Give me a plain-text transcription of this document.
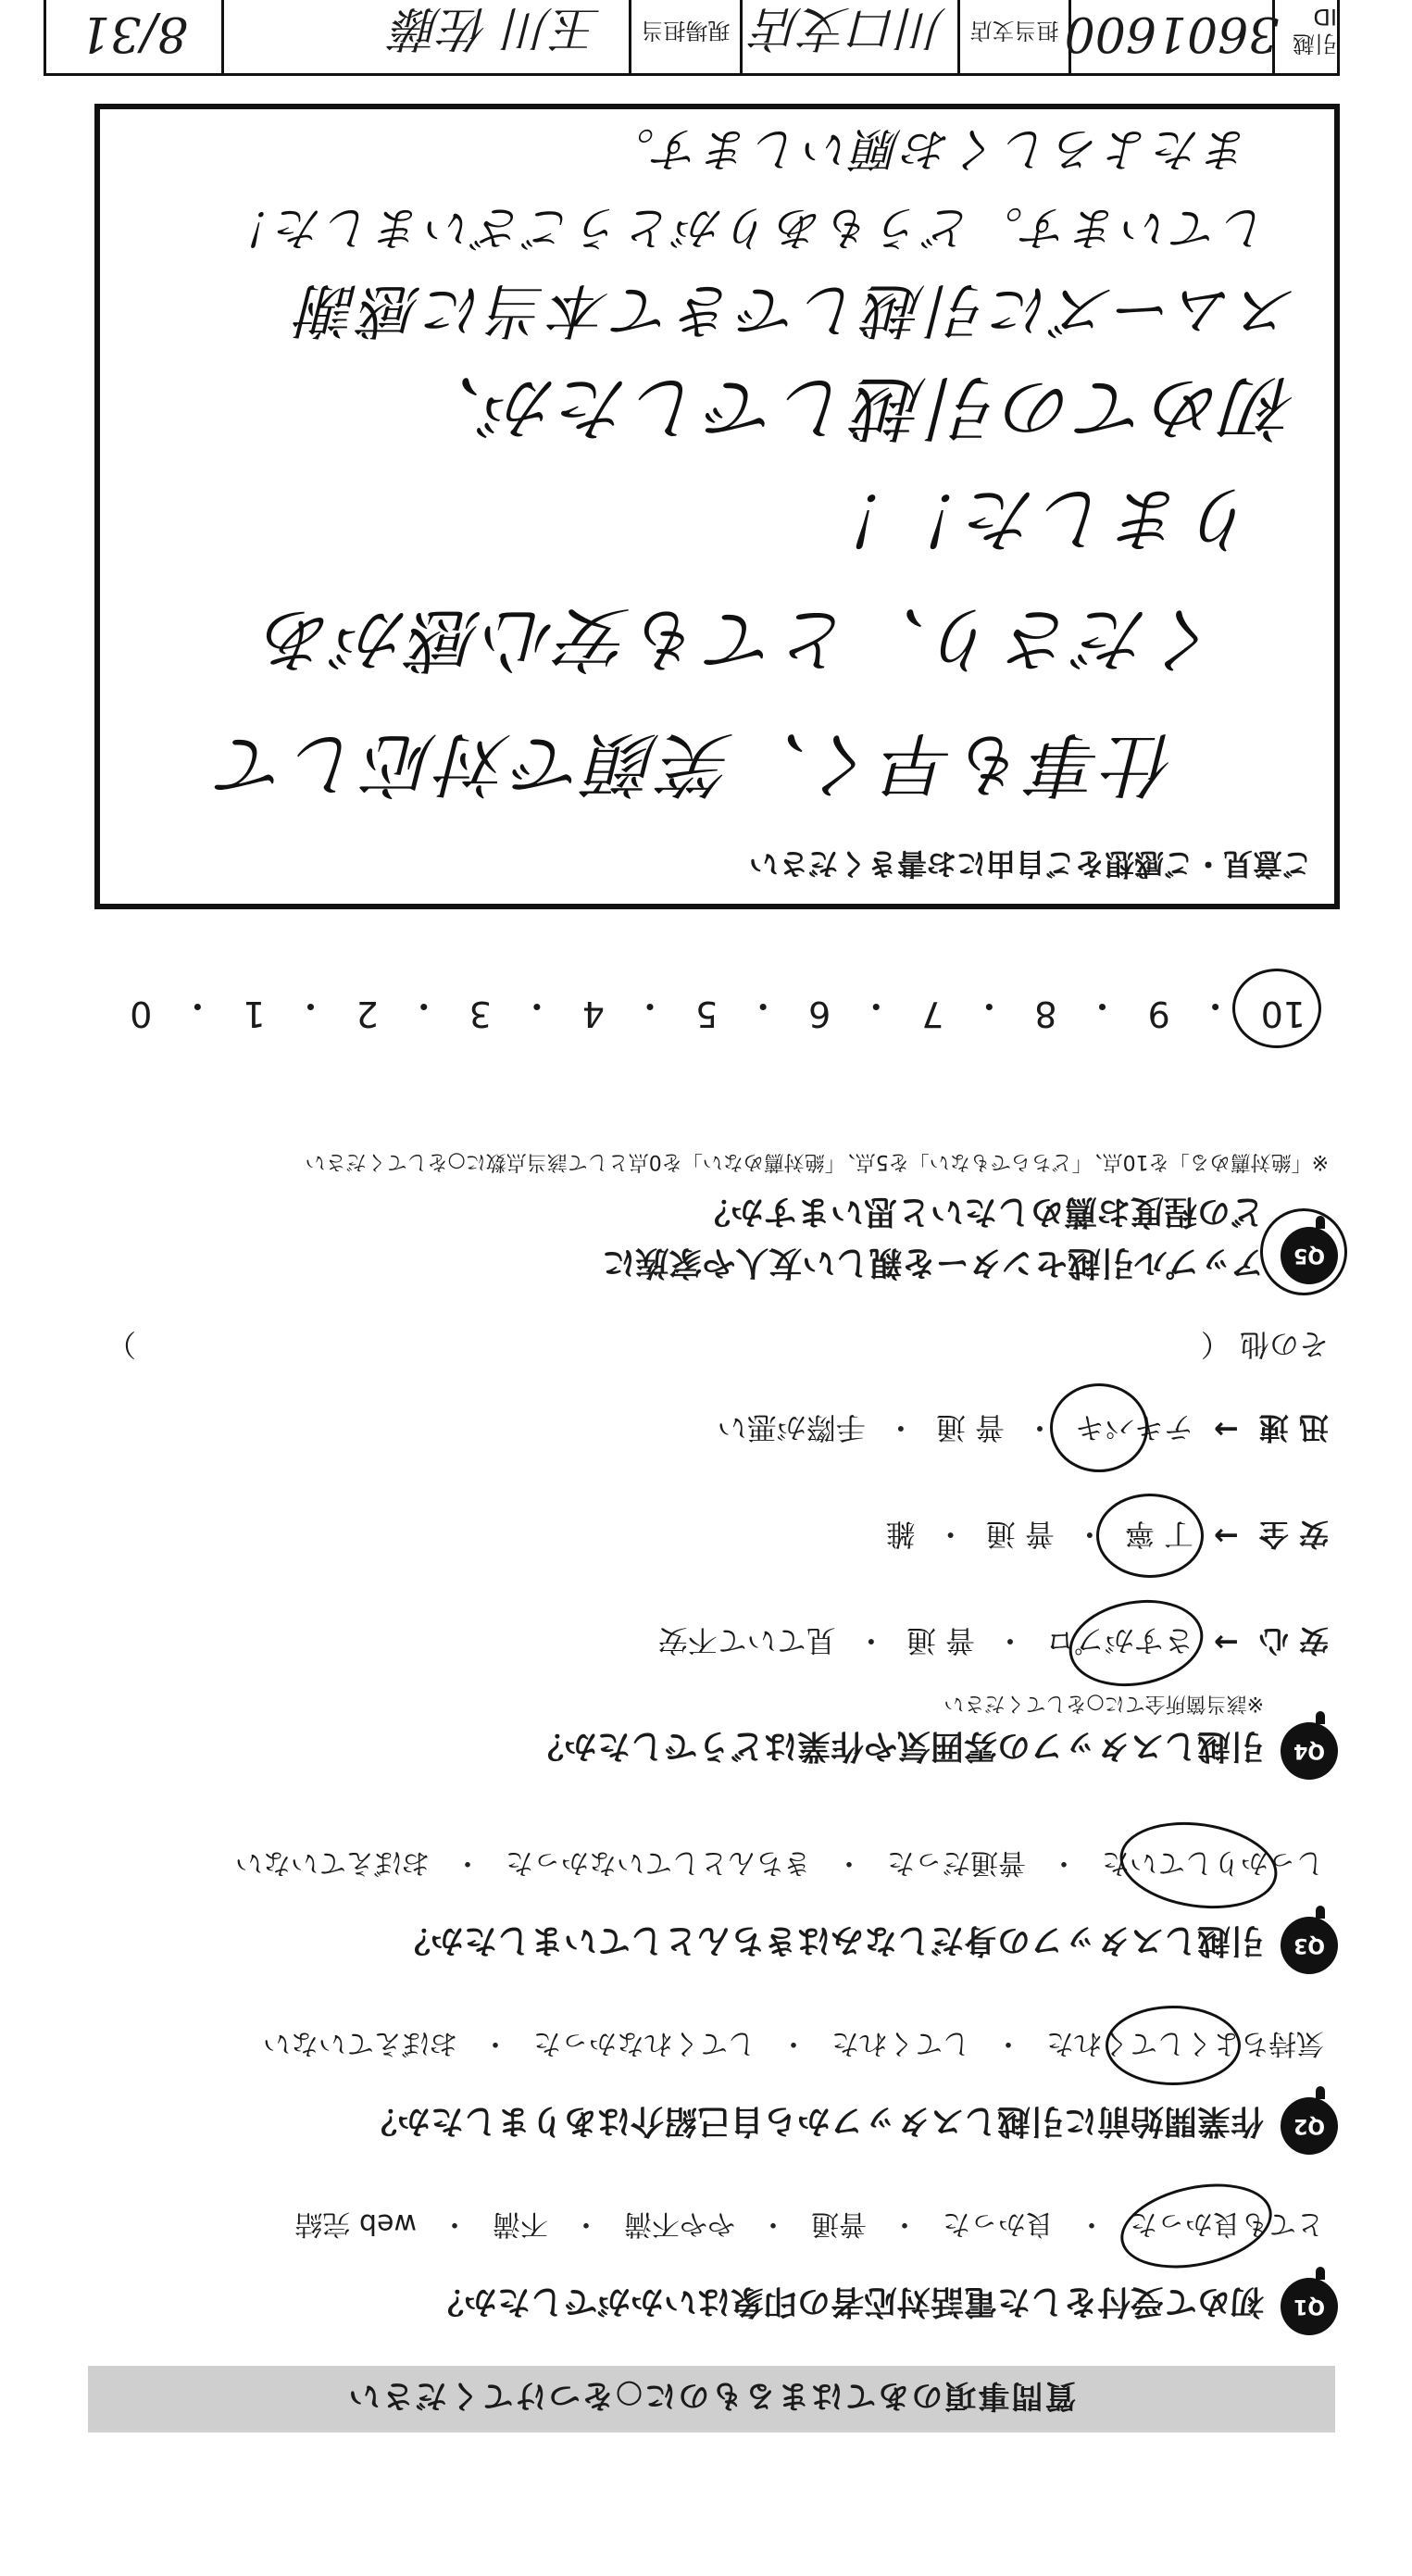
質問事項のあてはまるものに○をつけてください
Q1
初めて受付をした電話対応者の印象はいかがでしたか？
とても良かった
・
良かった
・
普通
・
やや不満
・
不満
・
web 完結
Q2
作業開始前に引越しスタッフから自己紹介はありましたか？
気持ちよくしてくれた
・
してくれた
・
してくれなかった
・
おぼえていない
Q3
引越しスタッフの身だしなみはきちんとしていましたか？
しっかりしていた
・
普通だった
・
きちんとしていなかった
・
おぼえていない
Q4
引越しスタッフの雰囲気や作業はどうでしたか？
※該当箇所全てに○をしてください
安 心
→
さすがプロ
・
普 通
・
見ていて不安
安 全
→
丁 寧
・
普 通
・
雑
迅 速
→
テキパキ
・
普 通
・
手際が悪い
その他 （
）
Q5
アップル引越センターを親しい友人や家族に
どの程度お薦めしたいと思いますか？
※「絶対薦める」を10点、「どちらでもない」を5点、「絶対薦めない」を0点として該当点数に○をしてください
10
・
9
・
8
・
7
・
6
・
5
・
4
・
3
・
2
・
1
・
0
ご意見・ご感想をご自由にお書きください
仕事も早く、笑顔で対応して
くださり、とても安心感があ
りました！！
初めての引越しでしたが、
スムーズに引越しできて本当に感謝
しています。どうもありがとうございました！
またよろしくお願いします。
引越ID
3601600
担当支店
川口支店
現場担当
玉川 佐藤
8/31
